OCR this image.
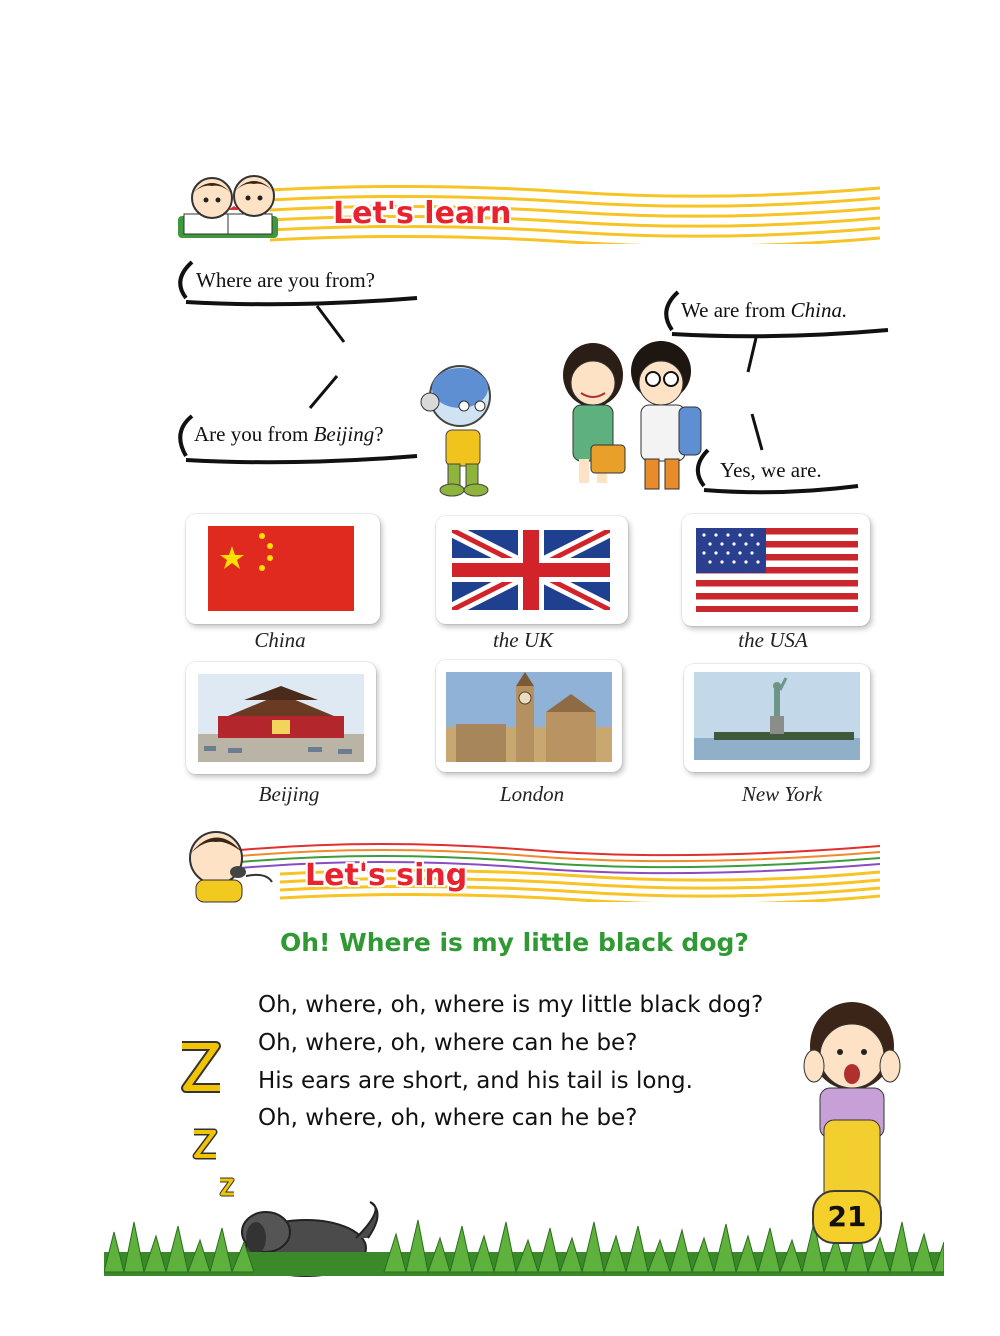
Let's learn
Where are you from?
Are you from Beijing?
We are from China.
Yes, we are.
China	the UK	the USA
Beijing	London	New York
Let's sing
Oh! Where is my little black dog?
Oh, where, oh, where is my little black dog?
Oh, where, oh, where can he be?
His ears are short, and his tail is long.
Oh, where, oh, where can he be?
21
